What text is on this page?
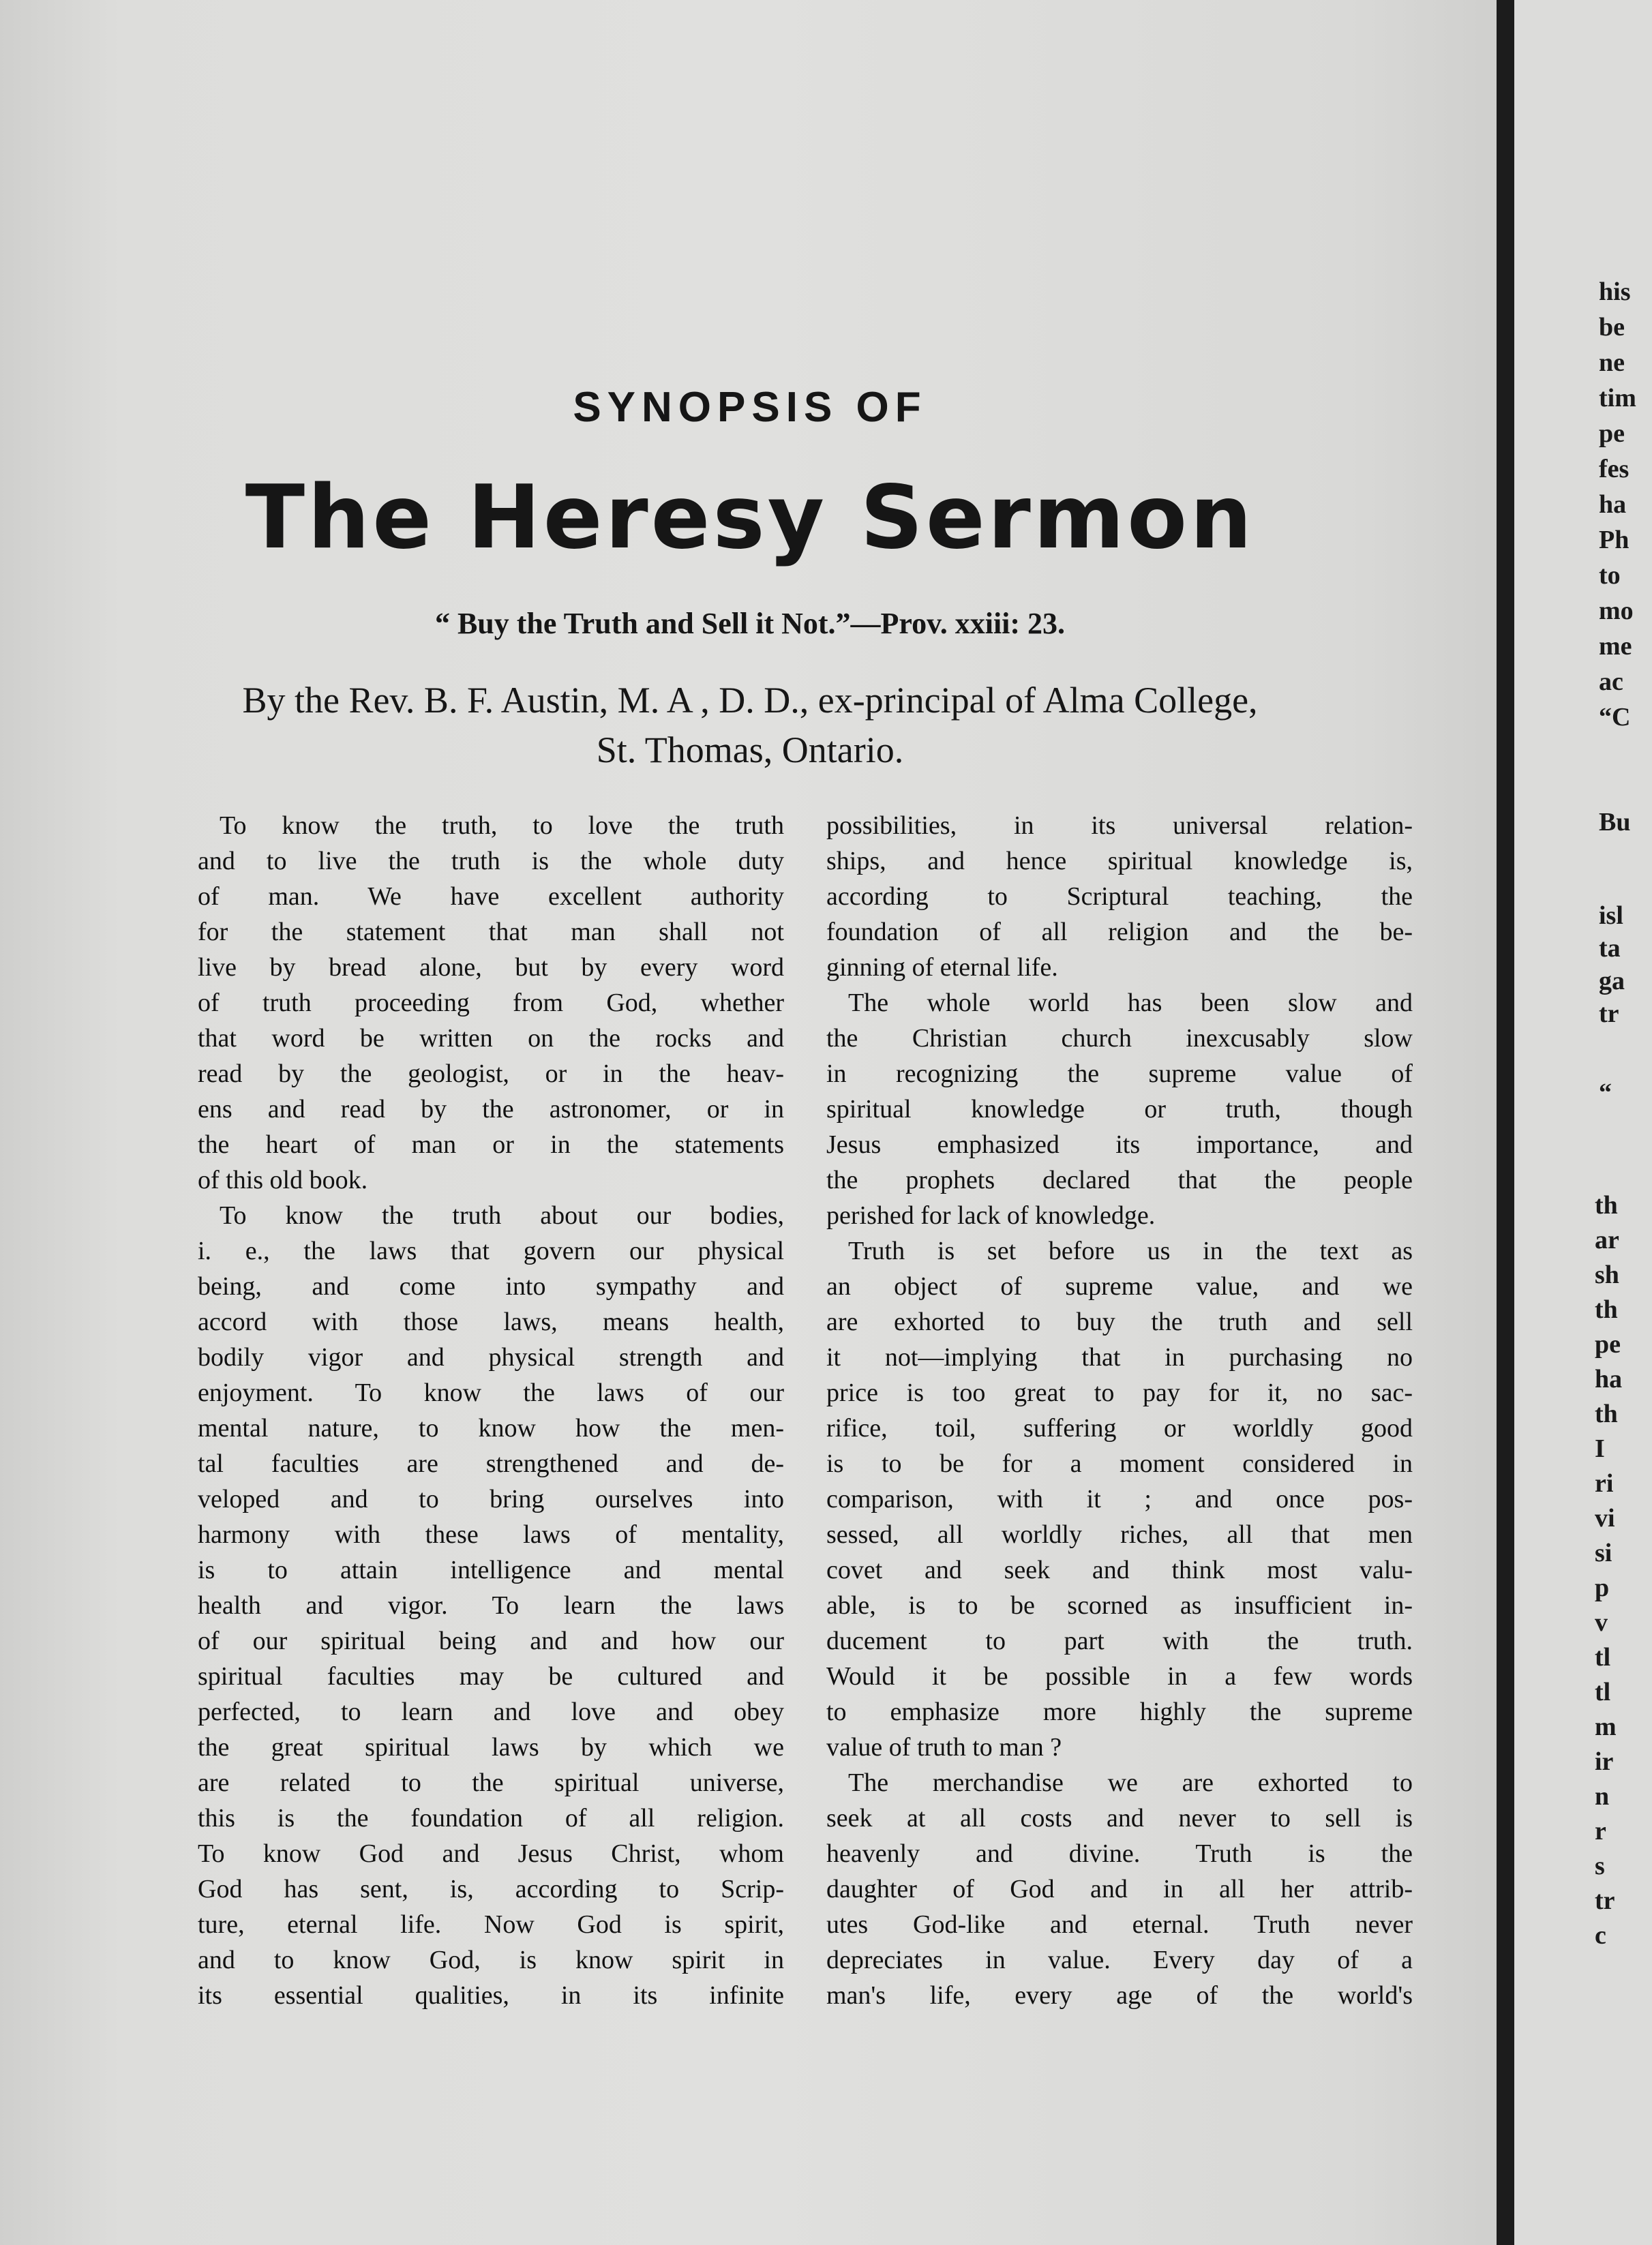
SYNOPSIS OF
The Heresy Sermon
“ Buy the Truth and Sell it Not.”—Prov. xxiii: 23.
By the Rev. B. F. Austin, M. A , D. D., ex-principal of Alma College,
St. Thomas, Ontario.
To know the truth, to love the truth
and to live the truth is the whole duty
of man. We have excellent authority
for the statement that man shall not
live by bread alone, but by every word
of truth proceeding from God, whether
that word be written on the rocks and
read by the geologist, or in the heav-
ens and read by the astronomer, or in
the heart of man or in the statements
of this old book.
To know the truth about our bodies,
i. e., the laws that govern our physical
being, and come into sympathy and
accord with those laws, means health,
bodily vigor and physical strength and
enjoyment. To know the laws of our
mental nature, to know how the men-
tal faculties are strengthened and de-
veloped and to bring ourselves into
harmony with these laws of mentality,
is to attain intelligence and mental
health and vigor. To learn the laws
of our spiritual being and and how our
spiritual faculties may be cultured and
perfected, to learn and love and obey
the great spiritual laws by which we
are related to the spiritual universe,
this is the foundation of all religion.
To know God and Jesus Christ, whom
God has sent, is, according to Scrip-
ture, eternal life. Now God is spirit,
and to know God, is know spirit in
its essential qualities, in its infinite
possibilities, in its universal relation-
ships, and hence spiritual knowledge is,
according to Scriptural teaching, the
foundation of all religion and the be-
ginning of eternal life.
The whole world has been slow and
the Christian church inexcusably slow
in recognizing the supreme value of
spiritual knowledge or truth, though
Jesus emphasized its importance, and
the prophets declared that the people
perished for lack of knowledge.
Truth is set before us in the text as
an object of supreme value, and we
are exhorted to buy the truth and sell
it not—implying that in purchasing no
price is too great to pay for it, no sac-
rifice, toil, suffering or worldly good
is to be for a moment considered in
comparison, with it ; and once pos-
sessed, all worldly riches, all that men
covet and seek and think most valu-
able, is to be scorned as insufficient in-
ducement to part with the truth.
Would it be possible in a few words
to emphasize more highly the supreme
value of truth to man ?
The merchandise we are exhorted to
seek at all costs and never to sell is
heavenly and divine. Truth is the
daughter of God and in all her attrib-
utes God-like and eternal. Truth never
depreciates in value. Every day of a
man's life, every age of the world's
his
be
ne
tim
pe
fes
ha
Ph
to
mo
me
ac
“C
Bu
isl
ta
ga
tr
“
th
ar
sh
th
pe
ha
th
I
ri
vi
si
p
v
tl
tl
m
ir
n
r
s
tr
c
